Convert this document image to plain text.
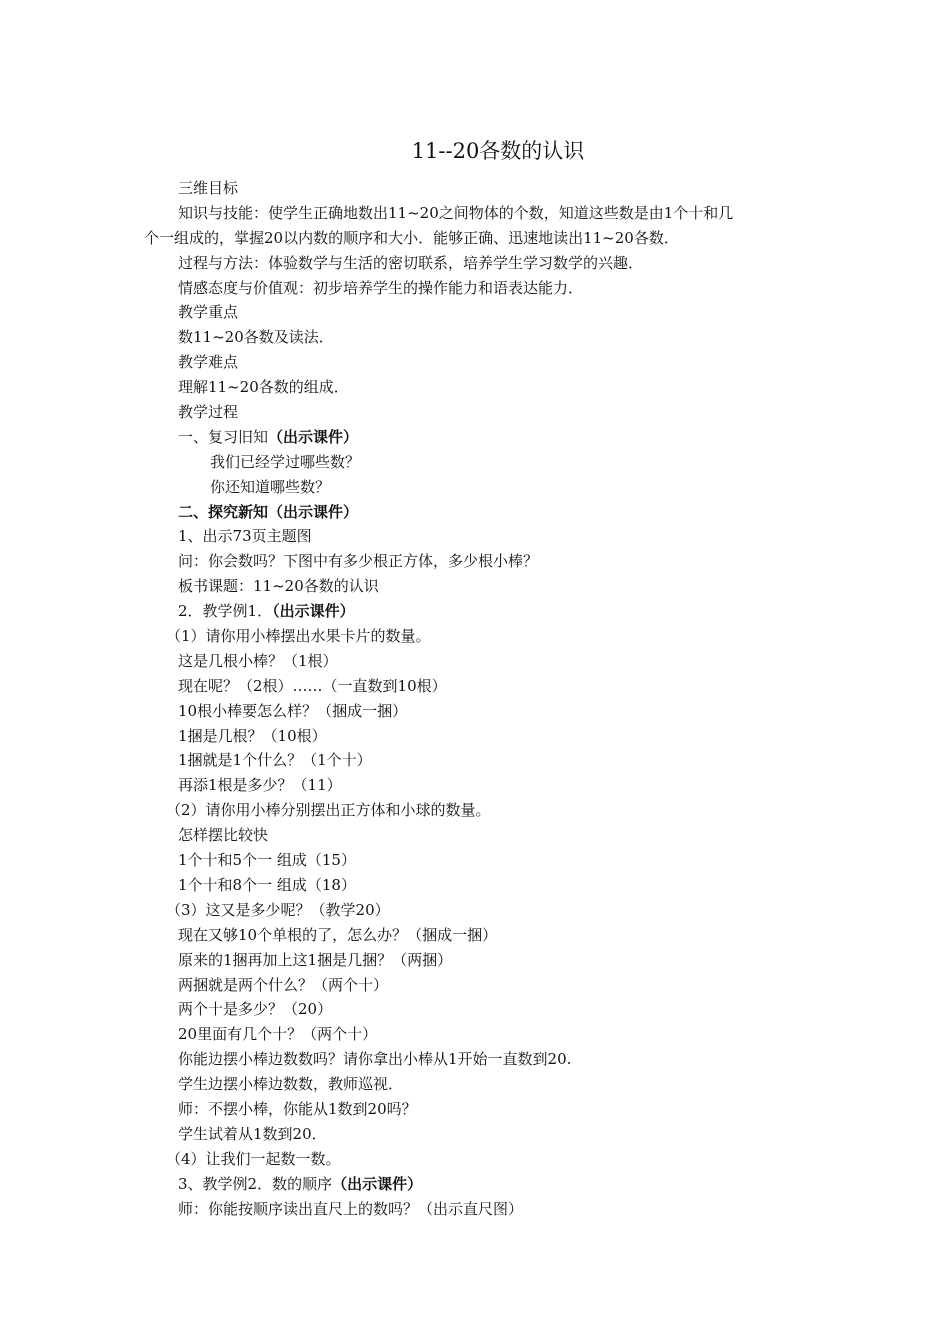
11--20各数的认识
三维目标
知识与技能：使学生正确地数出11~20之间物体的个数，知道这些数是由1个十和几
个一组成的，掌握20以内数的顺序和大小．能够正确、迅速地读出11~20各数．
过程与方法：体验数学与生活的密切联系，培养学生学习数学的兴趣．
情感态度与价值观：初步培养学生的操作能力和语表达能力．
教学重点
数11~20各数及读法．
教学难点
理解11~20各数的组成．
教学过程
一、复习旧知（出示课件）
我们已经学过哪些数？
你还知道哪些数？
二、探究新知（出示课件）
1、出示73页主题图
问：你会数吗？下图中有多少根正方体，多少根小棒？
板书课题：11~20各数的认识
2．教学例1．（出示课件）
（1）请你用小棒摆出水果卡片的数量。
这是几根小棒？（1根）
现在呢？（2根）……（一直数到10根）
10根小棒要怎么样？（捆成一捆）
1捆是几根？（10根）
1捆就是1个什么？（1个十）
再添1根是多少？（11）
（2）请你用小棒分别摆出正方体和小球的数量。
怎样摆比较快
1个十和5个一 组成（15）
1个十和8个一 组成（18）
（3）这又是多少呢？（教学20）
现在又够10个单根的了，怎么办？（捆成一捆）
原来的1捆再加上这1捆是几捆？（两捆）
两捆就是两个什么？（两个十）
两个十是多少？（20）
20里面有几个十？（两个十）
你能边摆小棒边数数吗？请你拿出小棒从1开始一直数到20.
学生边摆小棒边数数，教师巡视．
师：不摆小棒，你能从1数到20吗？
学生试着从1数到20．
（4）让我们一起数一数。
3、教学例2．数的顺序（出示课件）
师：你能按顺序读出直尺上的数吗？（出示直尺图）
